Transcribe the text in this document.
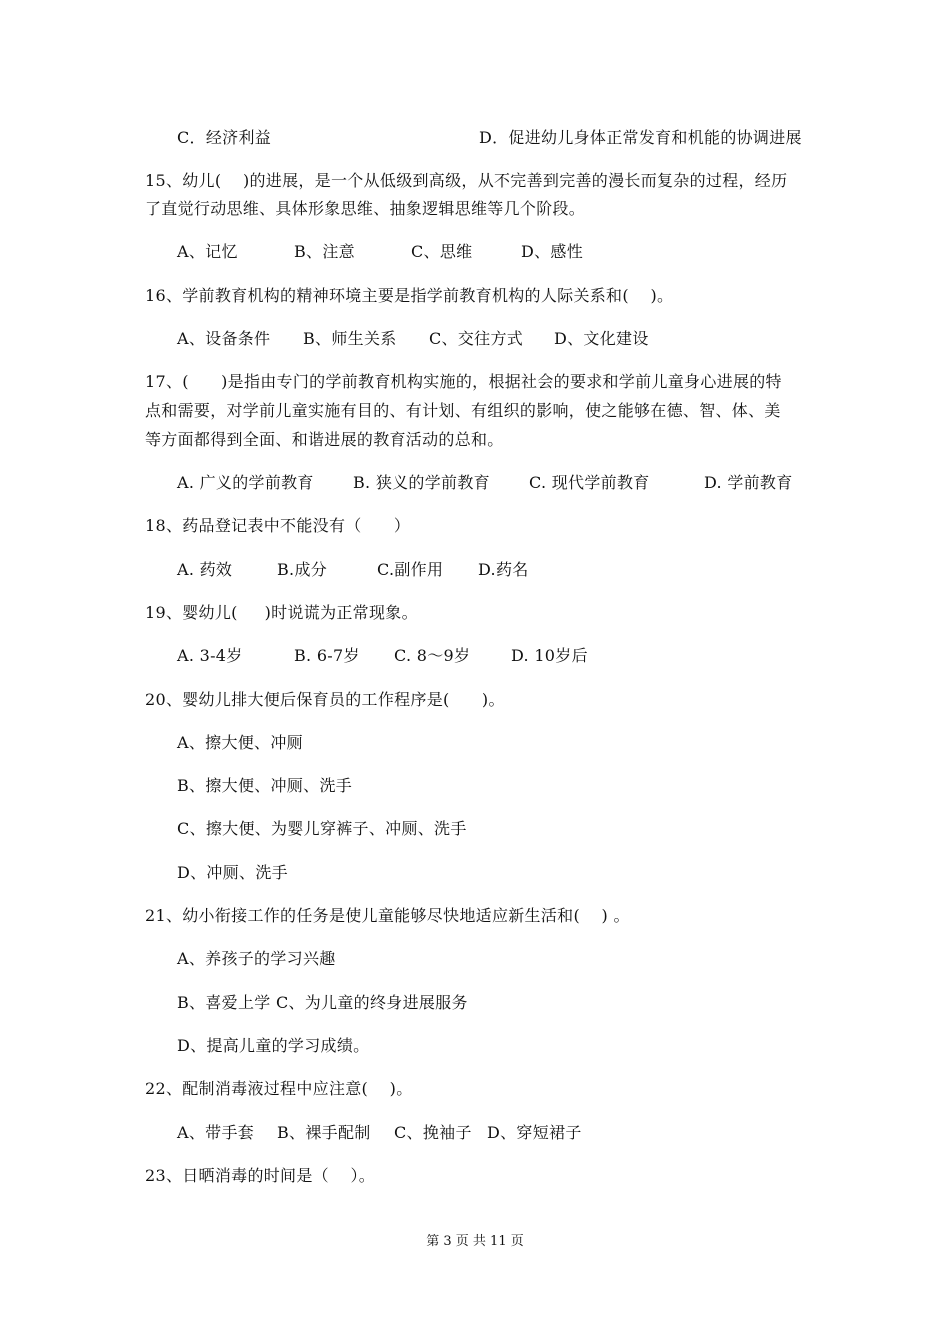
C．经济利益	D．促进幼儿身体正常发育和机能的协调进展
15、幼儿(    )的进展，是一个从低级到高级，从不完善到完善的漫长而复杂的过程，经历
了直觉行动思维、具体形象思维、抽象逻辑思维等几个阶段。
A、记忆	B、注意	C、思维	D、感性
16、学前教育机构的精神环境主要是指学前教育机构的人际关系和(    )。
A、设备条件 B、师生关系 C、交往方式 D、文化建设
17、(      )是指由专门的学前教育机构实施的，根据社会的要求和学前儿童身心进展的特
点和需要，对学前儿童实施有目的、有计划、有组织的影响，使之能够在德、智、体、美
等方面都得到全面、和谐进展的教育活动的总和。
A. 广义的学前教育 B. 狭义的学前教育 C. 现代学前教育	D. 学前教育
18、药品登记表中不能没有（      ）
A. 药效	B.成分	C.副作用 D.药名
19、婴幼儿(     )时说谎为正常现象。
A. 3-4岁	B. 6-7岁 C. 8～9岁	D. 10岁后
20、婴幼儿排大便后保育员的工作程序是(      )。
A、擦大便、冲厕
B、擦大便、冲厕、洗手
C、擦大便、为婴儿穿裤子、冲厕、洗手
D、冲厕、洗手
21、幼小衔接工作的任务是使儿童能够尽快地适应新生活和(    ) 。
A、养孩子的学习兴趣
B、喜爱上学 C、为儿童的终身进展服务
D、提高儿童的学习成绩。
22、配制消毒液过程中应注意(    )。
A、带手套 B、裸手配制 C、挽袖子 D、穿短裙子
23、日晒消毒的时间是（    ）。
第 3 页 共 11 页
